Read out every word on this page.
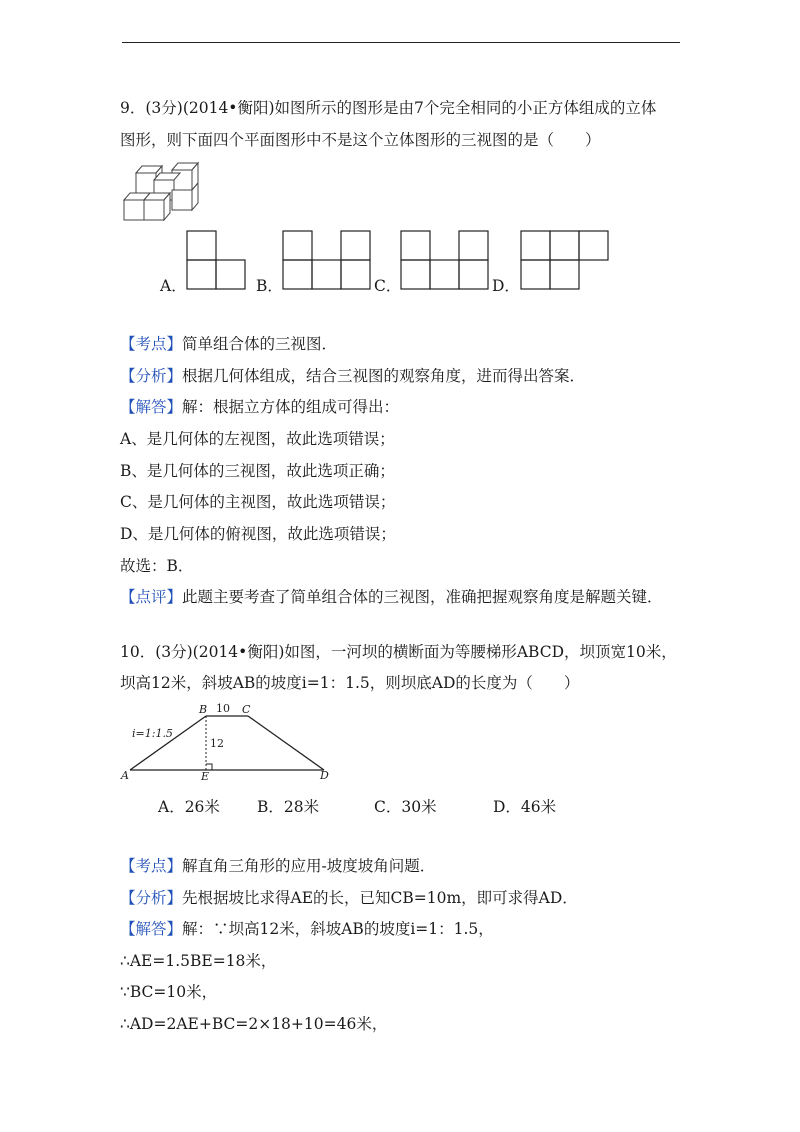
9．(3分)(2014•衡阳)如图所示的图形是由7个完全相同的小正方体组成的立体
图形，则下面四个平面图形中不是这个立体图形的三视图的是（　　）
A．	B．	C．	D．
【考点】简单组合体的三视图．
【分析】根据几何体组成，结合三视图的观察角度，进而得出答案．
【解答】解：根据立方体的组成可得出：
A、是几何体的左视图，故此选项错误；
B、是几何体的三视图，故此选项正确；
C、是几何体的主视图，故此选项错误；
D、是几何体的俯视图，故此选项错误；
故选：B．
【点评】此题主要考查了简单组合体的三视图，准确把握观察角度是解题关键．
10．(3分)(2014•衡阳)如图，一河坝的横断面为等腰梯形ABCD，坝顶宽10米，
坝高12米，斜坡AB的坡度i=1：1.5，则坝底AD的长度为（　　）
B	C
A	E	D
10
12
i=1:1.5
A．26米 B．28米	C．30米	D．46米
【考点】解直角三角形的应用-坡度坡角问题．
【分析】先根据坡比求得AE的长，已知CB=10m，即可求得AD．
【解答】解：∵坝高12米，斜坡AB的坡度i=1：1.5，
∴AE=1.5BE=18米，
∵BC=10米，
∴AD=2AE+BC=2×18+10=46米，
